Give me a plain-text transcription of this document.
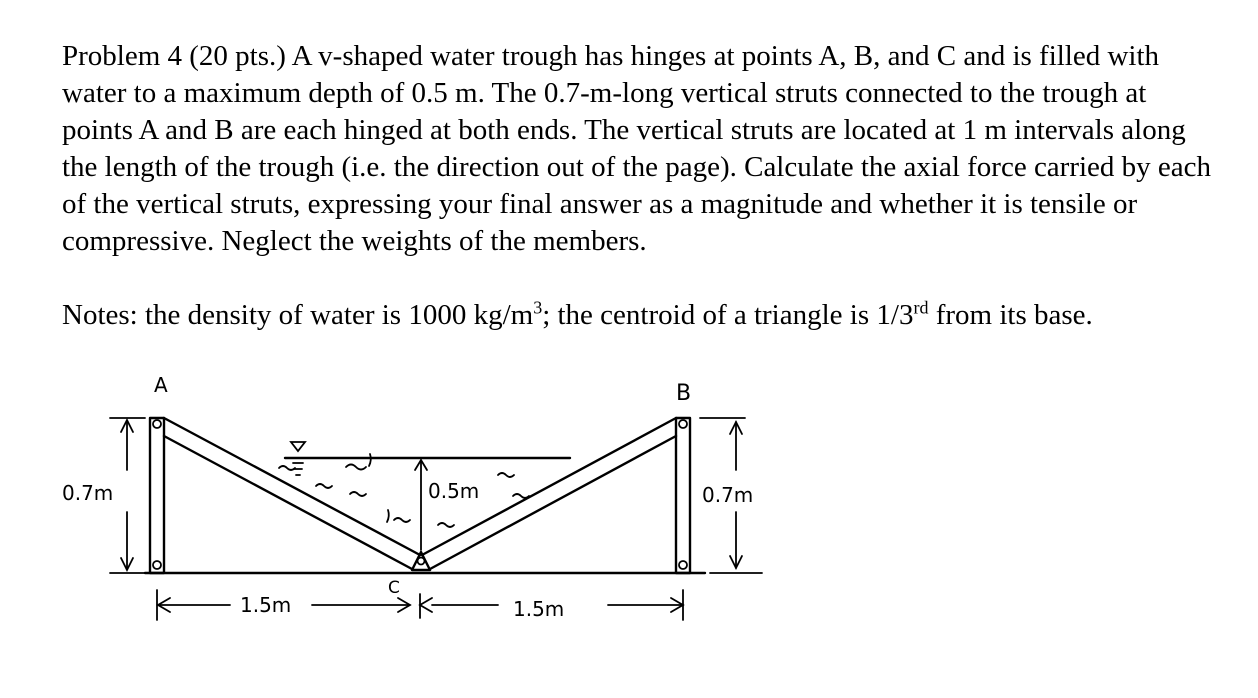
Problem 4 (20 pts.) A v-shaped water trough has hinges at points A, B, and C and is filled with water to a maximum depth of 0.5 m. The 0.7-m-long vertical struts connected to the trough at points A and B are each hinged at both ends. The vertical struts are located at 1 m intervals along the length of the trough (i.e. the direction out of the page). Calculate the axial force carried by each of the vertical struts, expressing your final answer as a magnitude and whether it is tensile or compressive. Neglect the weights of the members.

Notes: the density of water is 1000 $kg/m^3$; the centroid of a triangle is 1/3rd from its base.
0.5m
A	B
C
0.7m	0.7m
1.5m	1.5m
